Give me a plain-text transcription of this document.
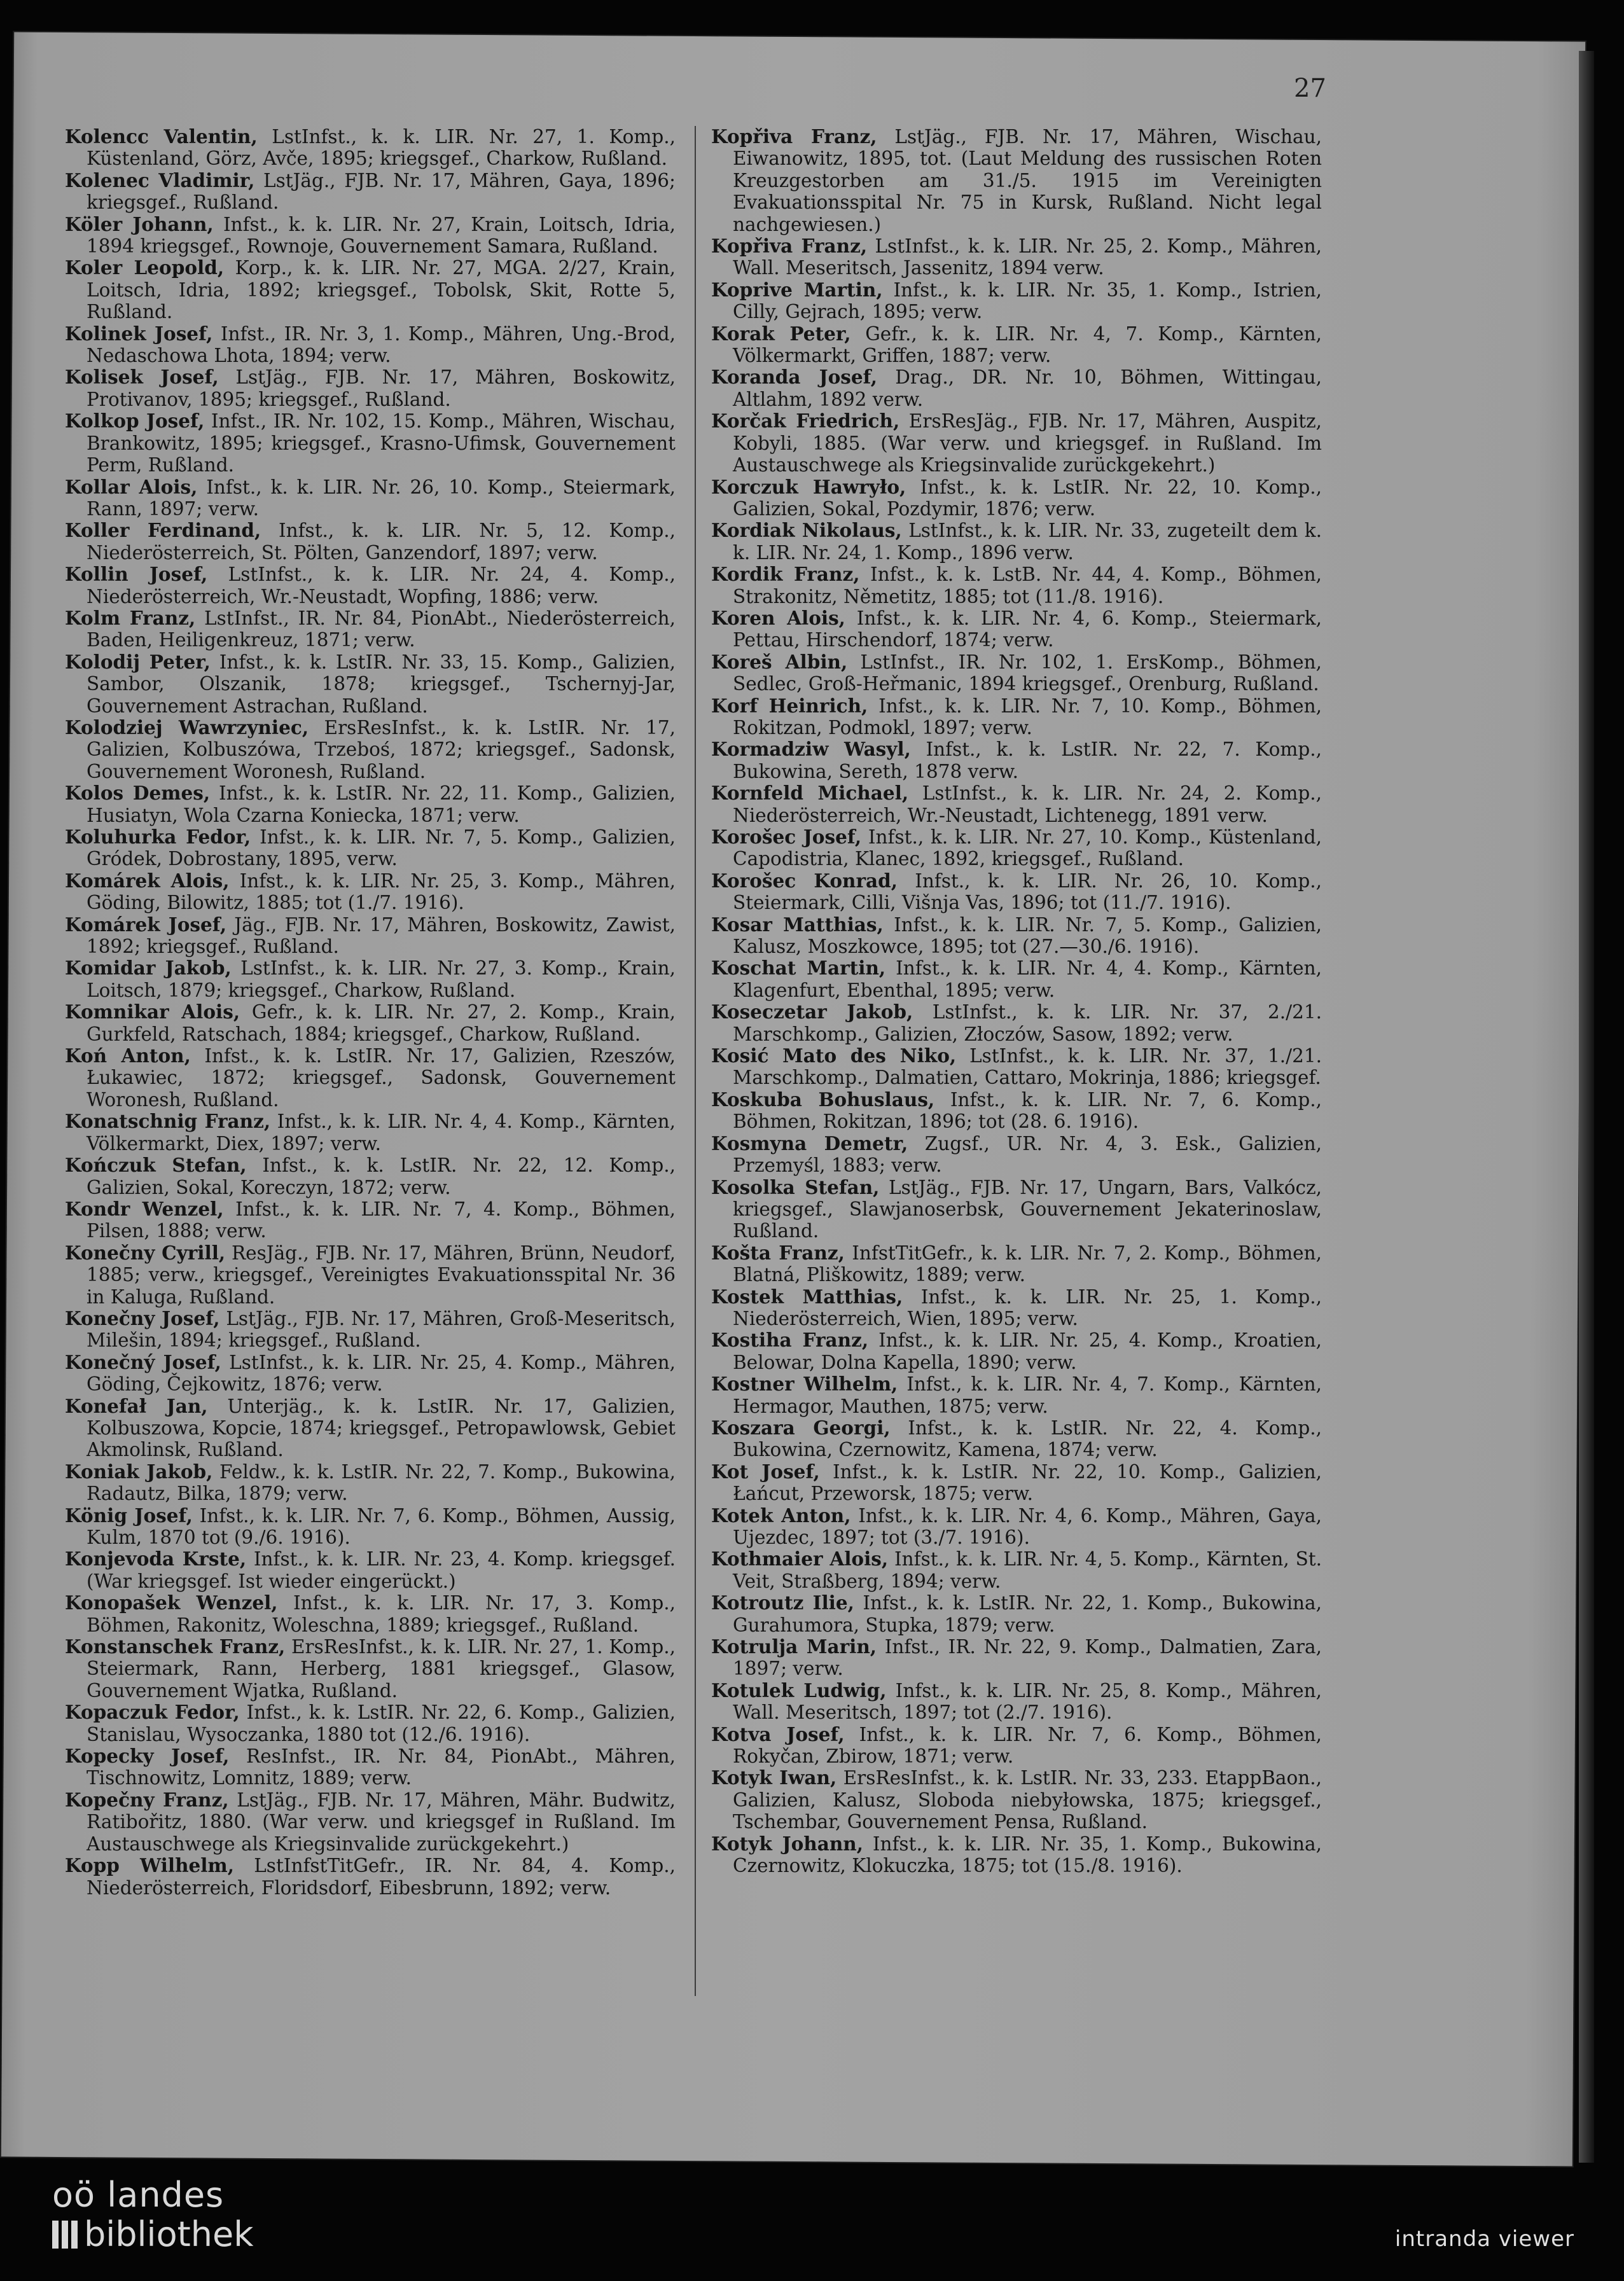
27
Kolencc Valentin, LstInfst., k. k. LIR. Nr. 27, 1. Komp., Küstenland, Görz, Avče, 1895; kriegsgef., Charkow, Rußland.
Kolenec Vladimir, LstJäg., FJB. Nr. 17, Mähren, Gaya, 1896; kriegsgef., Rußland.
Köler Johann, Infst., k. k. LIR. Nr. 27, Krain, Loitsch, Idria, 1894 kriegsgef., Rownoje, Gouvernement Samara, Rußland.
Koler Leopold, Korp., k. k. LIR. Nr. 27, MGA. 2/27, Krain, Loitsch, Idria, 1892; kriegsgef., Tobolsk, Skit, Rotte 5, Rußland.
Kolinek Josef, Infst., IR. Nr. 3, 1. Komp., Mähren, Ung.-Brod, Nedaschowa Lhota, 1894; verw.
Kolisek Josef, LstJäg., FJB. Nr. 17, Mähren, Boskowitz, Protivanov, 1895; kriegsgef., Rußland.
Kolkop Josef, Infst., IR. Nr. 102, 15. Komp., Mähren, Wischau, Brankowitz, 1895; kriegsgef., Krasno-Ufimsk, Gouvernement Perm, Rußland.
Kollar Alois, Infst., k. k. LIR. Nr. 26, 10. Komp., Steiermark, Rann, 1897; verw.
Koller Ferdinand, Infst., k. k. LIR. Nr. 5, 12. Komp., Niederösterreich, St. Pölten, Ganzendorf, 1897; verw.
Kollin Josef, LstInfst., k. k. LIR. Nr. 24, 4. Komp., Niederösterreich, Wr.-Neustadt, Wopfing, 1886; verw.
Kolm Franz, LstInfst., IR. Nr. 84, PionAbt., Niederösterreich, Baden, Heiligenkreuz, 1871; verw.
Kolodij Peter, Infst., k. k. LstIR. Nr. 33, 15. Komp., Galizien, Sambor, Olszanik, 1878; kriegsgef., Tschernyj-Jar, Gouvernement Astrachan, Rußland.
Kolodziej Wawrzyniec, ErsResInfst., k. k. LstIR. Nr. 17, Galizien, Kolbuszówa, Trzeboś, 1872; kriegsgef., Sadonsk, Gouvernement Woronesh, Rußland.
Kolos Demes, Infst., k. k. LstIR. Nr. 22, 11. Komp., Galizien, Husiatyn, Wola Czarna Koniecka, 1871; verw.
Koluhurka Fedor, Infst., k. k. LIR. Nr. 7, 5. Komp., Galizien, Gródek, Dobrostany, 1895, verw.
Komárek Alois, Infst., k. k. LIR. Nr. 25, 3. Komp., Mähren, Göding, Bilowitz, 1885; tot (1./7. 1916).
Komárek Josef, Jäg., FJB. Nr. 17, Mähren, Boskowitz, Zawist, 1892; kriegsgef., Rußland.
Komidar Jakob, LstInfst., k. k. LIR. Nr. 27, 3. Komp., Krain, Loitsch, 1879; kriegsgef., Charkow, Rußland.
Komnikar Alois, Gefr., k. k. LIR. Nr. 27, 2. Komp., Krain, Gurkfeld, Ratschach, 1884; kriegsgef., Charkow, Rußland.
Koń Anton, Infst., k. k. LstIR. Nr. 17, Galizien, Rzeszów, Łukawiec, 1872; kriegsgef., Sadonsk, Gouvernement Woronesh, Rußland.
Konatschnig Franz, Infst., k. k. LIR. Nr. 4, 4. Komp., Kärnten, Völkermarkt, Diex, 1897; verw.
Kończuk Stefan, Infst., k. k. LstIR. Nr. 22, 12. Komp., Galizien, Sokal, Koreczyn, 1872; verw.
Kondr Wenzel, Infst., k. k. LIR. Nr. 7, 4. Komp., Böhmen, Pilsen, 1888; verw.
Konečny Cyrill, ResJäg., FJB. Nr. 17, Mähren, Brünn, Neudorf, 1885; verw., kriegsgef., Vereinigtes Evakuationsspital Nr. 36 in Kaluga, Rußland.
Konečny Josef, LstJäg., FJB. Nr. 17, Mähren, Groß-Meseritsch, Milešin, 1894; kriegsgef., Rußland.
Konečný Josef, LstInfst., k. k. LIR. Nr. 25, 4. Komp., Mähren, Göding, Čejkowitz, 1876; verw.
Konefał Jan, Unterjäg., k. k. LstIR. Nr. 17, Galizien, Kolbuszowa, Kopcie, 1874; kriegsgef., Petropawlowsk, Gebiet Akmolinsk, Rußland.
Koniak Jakob, Feldw., k. k. LstIR. Nr. 22, 7. Komp., Bukowina, Radautz, Bilka, 1879; verw.
König Josef, Infst., k. k. LIR. Nr. 7, 6. Komp., Böhmen, Aussig, Kulm, 1870 tot (9./6. 1916).
Konjevoda Krste, Infst., k. k. LIR. Nr. 23, 4. Komp. kriegsgef. (War kriegsgef. Ist wieder eingerückt.)
Konopašek Wenzel, Infst., k. k. LIR. Nr. 17, 3. Komp., Böhmen, Rakonitz, Woleschna, 1889; kriegsgef., Rußland.
Konstanschek Franz, ErsResInfst., k. k. LIR. Nr. 27, 1. Komp., Steiermark, Rann, Herberg, 1881 kriegsgef., Glasow, Gouvernement Wjatka, Rußland.
Kopaczuk Fedor, Infst., k. k. LstIR. Nr. 22, 6. Komp., Galizien, Stanislau, Wysoczanka, 1880 tot (12./6. 1916).
Kopecky Josef, ResInfst., IR. Nr. 84, PionAbt., Mähren, Tischnowitz, Lomnitz, 1889; verw.
Kopečny Franz, LstJäg., FJB. Nr. 17, Mähren, Mähr. Budwitz, Ratibořitz, 1880. (War verw. und kriegsgef in Rußland. Im Austauschwege als Kriegsinvalide zurückgekehrt.)
Kopp Wilhelm, LstInfstTitGefr., IR. Nr. 84, 4. Komp., Niederösterreich, Floridsdorf, Eibesbrunn, 1892; verw.
Kopřiva Franz, LstJäg., FJB. Nr. 17, Mähren, Wischau, Eiwanowitz, 1895, tot. (Laut Meldung des russischen Roten Kreuzgestorben am 31./5. 1915 im Vereinigten Evakuationsspital Nr. 75 in Kursk, Rußland. Nicht legal nachgewiesen.)
Kopřiva Franz, LstInfst., k. k. LIR. Nr. 25, 2. Komp., Mähren, Wall. Meseritsch, Jassenitz, 1894 verw.
Koprive Martin, Infst., k. k. LIR. Nr. 35, 1. Komp., Istrien, Cilly, Gejrach, 1895; verw.
Korak Peter, Gefr., k. k. LIR. Nr. 4, 7. Komp., Kärnten, Völkermarkt, Griffen, 1887; verw.
Koranda Josef, Drag., DR. Nr. 10, Böhmen, Wittingau, Altlahm, 1892 verw.
Korčak Friedrich, ErsResJäg., FJB. Nr. 17, Mähren, Auspitz, Kobyli, 1885. (War verw. und kriegsgef. in Rußland. Im Austauschwege als Kriegsinvalide zurückgekehrt.)
Korczuk Hawryło, Infst., k. k. LstIR. Nr. 22, 10. Komp., Galizien, Sokal, Pozdymir, 1876; verw.
Kordiak Nikolaus, LstInfst., k. k. LIR. Nr. 33, zugeteilt dem k. k. LIR. Nr. 24, 1. Komp., 1896 verw.
Kordik Franz, Infst., k. k. LstB. Nr. 44, 4. Komp., Böhmen, Strakonitz, Němetitz, 1885; tot (11./8. 1916).
Koren Alois, Infst., k. k. LIR. Nr. 4, 6. Komp., Steiermark, Pettau, Hirschendorf, 1874; verw.
Koreš Albin, LstInfst., IR. Nr. 102, 1. ErsKomp., Böhmen, Sedlec, Groß-Heřmanic, 1894 kriegsgef., Orenburg, Rußland.
Korf Heinrich, Infst., k. k. LIR. Nr. 7, 10. Komp., Böhmen, Rokitzan, Podmokl, 1897; verw.
Kormadziw Wasyl, Infst., k. k. LstIR. Nr. 22, 7. Komp., Bukowina, Sereth, 1878 verw.
Kornfeld Michael, LstInfst., k. k. LIR. Nr. 24, 2. Komp., Niederösterreich, Wr.-Neustadt, Lichtenegg, 1891 verw.
Korošec Josef, Infst., k. k. LIR. Nr. 27, 10. Komp., Küstenland, Capodistria, Klanec, 1892, kriegsgef., Rußland.
Korošec Konrad, Infst., k. k. LIR. Nr. 26, 10. Komp., Steiermark, Cilli, Višnja Vas, 1896; tot (11./7. 1916).
Kosar Matthias, Infst., k. k. LIR. Nr. 7, 5. Komp., Galizien, Kalusz, Moszkowce, 1895; tot (27.—30./6. 1916).
Koschat Martin, Infst., k. k. LIR. Nr. 4, 4. Komp., Kärnten, Klagenfurt, Ebenthal, 1895; verw.
Koseczetar Jakob, LstInfst., k. k. LIR. Nr. 37, 2./21. Marschkomp., Galizien, Złoczów, Sasow, 1892; verw.
Kosić Mato des Niko, LstInfst., k. k. LIR. Nr. 37, 1./21. Marschkomp., Dalmatien, Cattaro, Mokrinja, 1886; kriegsgef.
Koskuba Bohuslaus, Infst., k. k. LIR. Nr. 7, 6. Komp., Böhmen, Rokitzan, 1896; tot (28. 6. 1916).
Kosmyna Demetr, Zugsf., UR. Nr. 4, 3. Esk., Galizien, Przemyśl, 1883; verw.
Kosolka Stefan, LstJäg., FJB. Nr. 17, Ungarn, Bars, Valkócz, kriegsgef., Slawjanoserbsk, Gouvernement Jekaterinoslaw, Rußland.
Košta Franz, InfstTitGefr., k. k. LIR. Nr. 7, 2. Komp., Böhmen, Blatná, Pliškowitz, 1889; verw.
Kostek Matthias, Infst., k. k. LIR. Nr. 25, 1. Komp., Niederösterreich, Wien, 1895; verw.
Kostiha Franz, Infst., k. k. LIR. Nr. 25, 4. Komp., Kroatien, Belowar, Dolna Kapella, 1890; verw.
Kostner Wilhelm, Infst., k. k. LIR. Nr. 4, 7. Komp., Kärnten, Hermagor, Mauthen, 1875; verw.
Koszara Georgi, Infst., k. k. LstIR. Nr. 22, 4. Komp., Bukowina, Czernowitz, Kamena, 1874; verw.
Kot Josef, Infst., k. k. LstIR. Nr. 22, 10. Komp., Galizien, Łańcut, Przeworsk, 1875; verw.
Kotek Anton, Infst., k. k. LIR. Nr. 4, 6. Komp., Mähren, Gaya, Ujezdec, 1897; tot (3./7. 1916).
Kothmaier Alois, Infst., k. k. LIR. Nr. 4, 5. Komp., Kärnten, St. Veit, Straßberg, 1894; verw.
Kotroutz Ilie, Infst., k. k. LstIR. Nr. 22, 1. Komp., Bukowina, Gurahumora, Stupka, 1879; verw.
Kotrulja Marin, Infst., IR. Nr. 22, 9. Komp., Dalmatien, Zara, 1897; verw.
Kotulek Ludwig, Infst., k. k. LIR. Nr. 25, 8. Komp., Mähren, Wall. Meseritsch, 1897; tot (2./7. 1916).
Kotva Josef, Infst., k. k. LIR. Nr. 7, 6. Komp., Böhmen, Rokyčan, Zbirow, 1871; verw.
Kotyk Iwan, ErsResInfst., k. k. LstIR. Nr. 33, 233. EtappBaon., Galizien, Kalusz, Sloboda niebyłowska, 1875; kriegsgef., Tschembar, Gouvernement Pensa, Rußland.
Kotyk Johann, Infst., k. k. LIR. Nr. 35, 1. Komp., Bukowina, Czernowitz, Klokuczka, 1875; tot (15./8. 1916).
oö landes
bibliothek	intranda viewer
